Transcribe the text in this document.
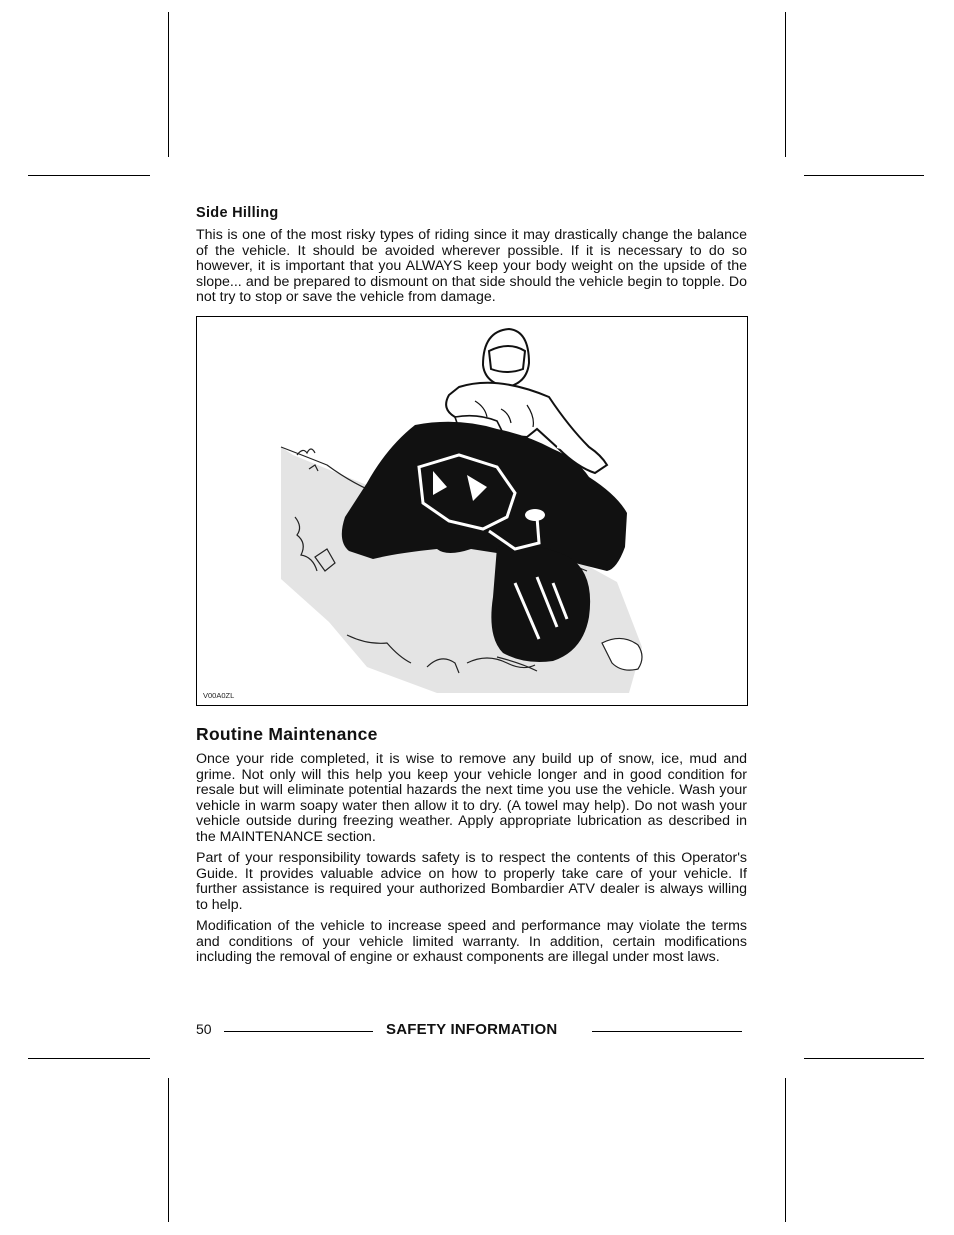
Side Hilling

This is one of the most risky types of riding since it may drastically change the balance of the vehicle. It should be avoided wherever possible. If it is necessary to do so however, it is important that you ALWAYS keep your body weight on the upside of the slope... and be prepared to dismount on that side should the vehicle begin to topple. Do not try to stop or save the vehicle from damage.

V00A0ZL
Routine Maintenance

Once your ride completed, it is wise to remove any build up of snow, ice, mud and grime. Not only will this help you keep your vehicle longer and in good condition for resale but will eliminate potential hazards the next time you use the vehicle. Wash your vehicle in warm soapy water then allow it to dry. (A towel may help). Do not wash your vehicle outside during freezing weather. Apply appropriate lubrication as described in the MAINTENANCE section.

Part of your responsibility towards safety is to respect the contents of this Operator's Guide. It provides valuable advice on how to properly take care of your vehicle. If further assistance is required your authorized Bombardier ATV dealer is always willing to help.

Modification of the vehicle to increase speed and performance may violate the terms and conditions of your vehicle limited warranty. In addition, certain modifications including the removal of engine or exhaust components are illegal under most laws.

50	SAFETY INFORMATION
